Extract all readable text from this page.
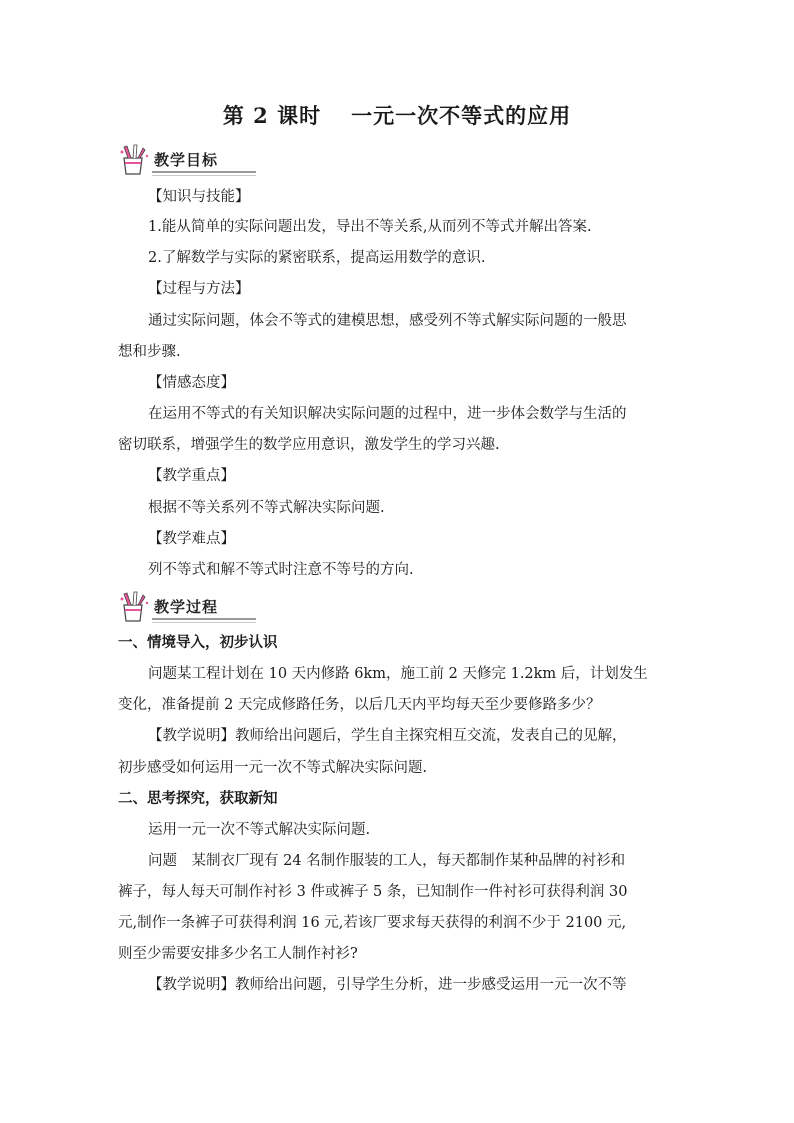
第 2 课时 一元一次不等式的应用
教学目标
【知识与技能】
1.能从简单的实际问题出发，导出不等关系,从而列不等式并解出答案.
2.了解数学与实际的紧密联系，提高运用数学的意识.
【过程与方法】
通过实际问题，体会不等式的建模思想，感受列不等式解实际问题的一般思
想和步骤.
【情感态度】
在运用不等式的有关知识解决实际问题的过程中，进一步体会数学与生活的
密切联系，增强学生的数学应用意识，激发学生的学习兴趣.
【教学重点】
根据不等关系列不等式解决实际问题.
【教学难点】
列不等式和解不等式时注意不等号的方向.
教学过程
一、情境导入，初步认识
问题某工程计划在 10 天内修路 6km，施工前 2 天修完 1.2km 后，计划发生
变化，准备提前 2 天完成修路任务，以后几天内平均每天至少要修路多少？
【教学说明】教师给出问题后，学生自主探究相互交流，发表自己的见解，
初步感受如何运用一元一次不等式解决实际问题.
二、思考探究，获取新知
运用一元一次不等式解决实际问题.
问题　某制衣厂现有 24 名制作服装的工人，每天都制作某种品牌的衬衫和
裤子，每人每天可制作衬衫 3 件或裤子 5 条，已知制作一件衬衫可获得利润 30
元,制作一条裤子可获得利润 16 元,若该厂要求每天获得的利润不少于 2100 元,
则至少需要安排多少名工人制作衬衫?
【教学说明】教师给出问题，引导学生分析，进一步感受运用一元一次不等
